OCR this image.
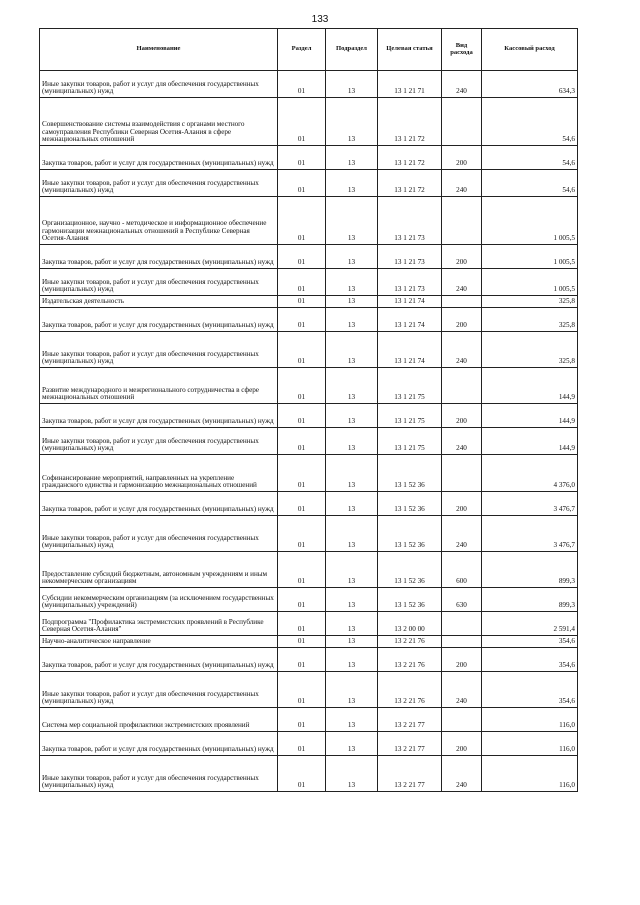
133
Наименование	Раздел	Подраздел	Целевая статья	Вид расхода	Кассовый расход
Иные закупки товаров, работ и услуг для обеспечения государственных (муниципальных) нужд	01	13	13 1 21 71	240	634,3
Совершенствование системы взаимодействия с органами местного самоуправления Республики Северная Осетия-Алания в сфере межнациональных отношений	01	13	13 1 21 72		54,6
Закупка товаров, работ и услуг для государственных (муниципальных) нужд	01	13	13 1 21 72	200	54,6
Иные закупки товаров, работ и услуг для обеспечения государственных (муниципальных) нужд	01	13	13 1 21 72	240	54,6
Организационное, научно - методическое и информационное обеспечение гармонизации межнациональных отношений в Республике Северная Осетия-Алания	01	13	13 1 21 73		1 005,5
Закупка товаров, работ и услуг для государственных (муниципальных) нужд	01	13	13 1 21 73	200	1 005,5
Иные закупки товаров, работ и услуг для обеспечения государственных (муниципальных) нужд	01	13	13 1 21 73	240	1 005,5
Издательская деятельность	01	13	13 1 21 74		325,8
Закупка товаров, работ и услуг для государственных (муниципальных) нужд	01	13	13 1 21 74	200	325,8
Иные закупки товаров, работ и услуг для обеспечения государственных (муниципальных) нужд	01	13	13 1 21 74	240	325,8
Развитие международного и межрегионального сотрудничества в сфере межнациональных отношений	01	13	13 1 21 75		144,9
Закупка товаров, работ и услуг для государственных (муниципальных) нужд	01	13	13 1 21 75	200	144,9
Иные закупки товаров, работ и услуг для обеспечения государственных (муниципальных) нужд	01	13	13 1 21 75	240	144,9
Софинансирование мероприятий, направленных на укрепление гражданского единства и гармонизацию межнациональных отношений	01	13	13 1 52 36		4 376,0
Закупка товаров, работ и услуг для государственных (муниципальных) нужд	01	13	13 1 52 36	200	3 476,7
Иные закупки товаров, работ и услуг для обеспечения государственных (муниципальных) нужд	01	13	13 1 52 36	240	3 476,7
Предоставление субсидий бюджетным, автономным учреждениям и иным некоммерческим организациям	01	13	13 1 52 36	600	899,3
Субсидии некоммерческим организациям (за исключением государственных (муниципальных) учреждений)	01	13	13 1 52 36	630	899,3
Подпрограмма "Профилактика экстремистских проявлений в Республике Северная Осетия-Алания"	01	13	13 2 00 00		2 591,4
Научно-аналитическое направление	01	13	13 2 21 76		354,6
Закупка товаров, работ и услуг для государственных (муниципальных) нужд	01	13	13 2 21 76	200	354,6
Иные закупки товаров, работ и услуг для обеспечения государственных (муниципальных) нужд	01	13	13 2 21 76	240	354,6
Система мер социальной профилактики экстремистских проявлений	01	13	13 2 21 77		116,0
Закупка товаров, работ и услуг для государственных (муниципальных) нужд	01	13	13 2 21 77	200	116,0
Иные закупки товаров, работ и услуг для обеспечения государственных (муниципальных) нужд	01	13	13 2 21 77	240	116,0
